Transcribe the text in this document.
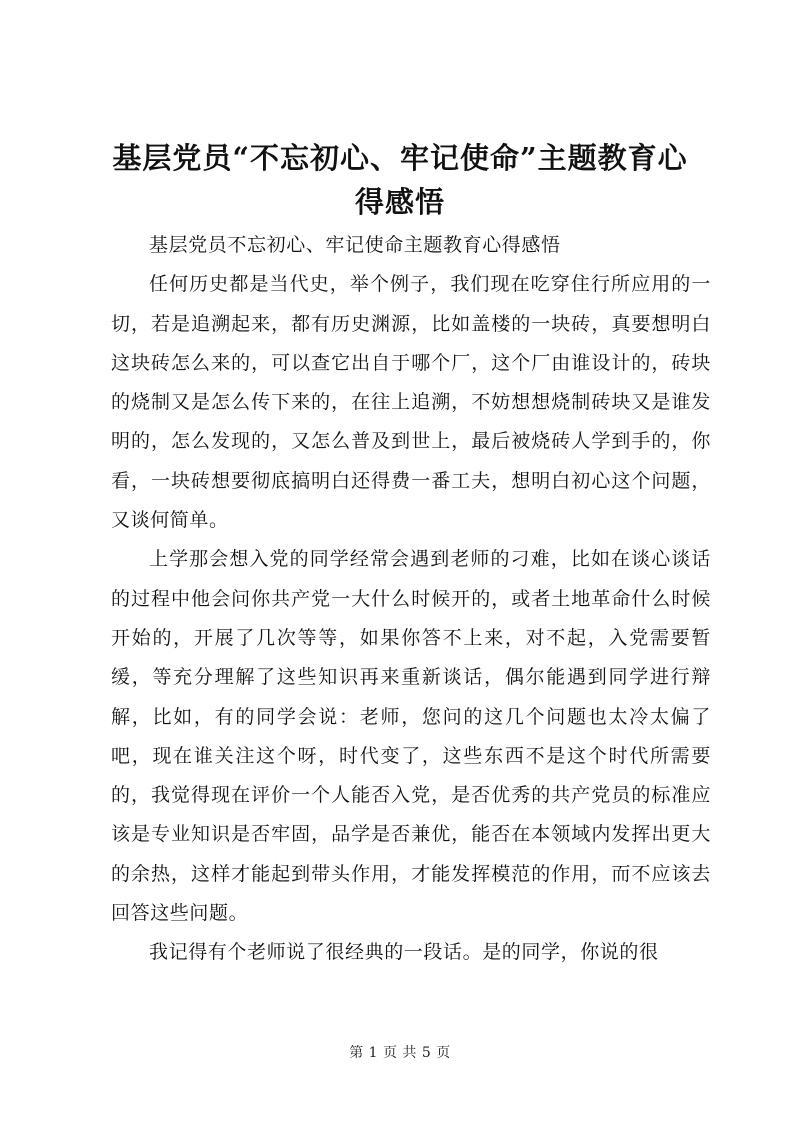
基层党员“不忘初心、牢记使命”主题教育心得感悟

基层党员不忘初心、牢记使命主题教育心得感悟

任何历史都是当代史，举个例子，我们现在吃穿住行所应用的一切，若是追溯起来，都有历史渊源，比如盖楼的一块砖，真要想明白这块砖怎么来的，可以查它出自于哪个厂，这个厂由谁设计的，砖块的烧制又是怎么传下来的，在往上追溯，不妨想想烧制砖块又是谁发明的，怎么发现的，又怎么普及到世上，最后被烧砖人学到手的，你看，一块砖想要彻底搞明白还得费一番工夫，想明白初心这个问题，又谈何简单。

上学那会想入党的同学经常会遇到老师的刁难，比如在谈心谈话的过程中他会问你共产党一大什么时候开的，或者土地革命什么时候开始的，开展了几次等等，如果你答不上来，对不起，入党需要暂缓，等充分理解了这些知识再来重新谈话，偶尔能遇到同学进行辩解，比如，有的同学会说：老师，您问的这几个问题也太冷太偏了吧，现在谁关注这个呀，时代变了，这些东西不是这个时代所需要的，我觉得现在评价一个人能否入党，是否优秀的共产党员的标准应该是专业知识是否牢固，品学是否兼优，能否在本领域内发挥出更大的余热，这样才能起到带头作用，才能发挥模范的作用，而不应该去回答这些问题。

我记得有个老师说了很经典的一段话。是的同学，你说的很

第 1 页 共 5 页
